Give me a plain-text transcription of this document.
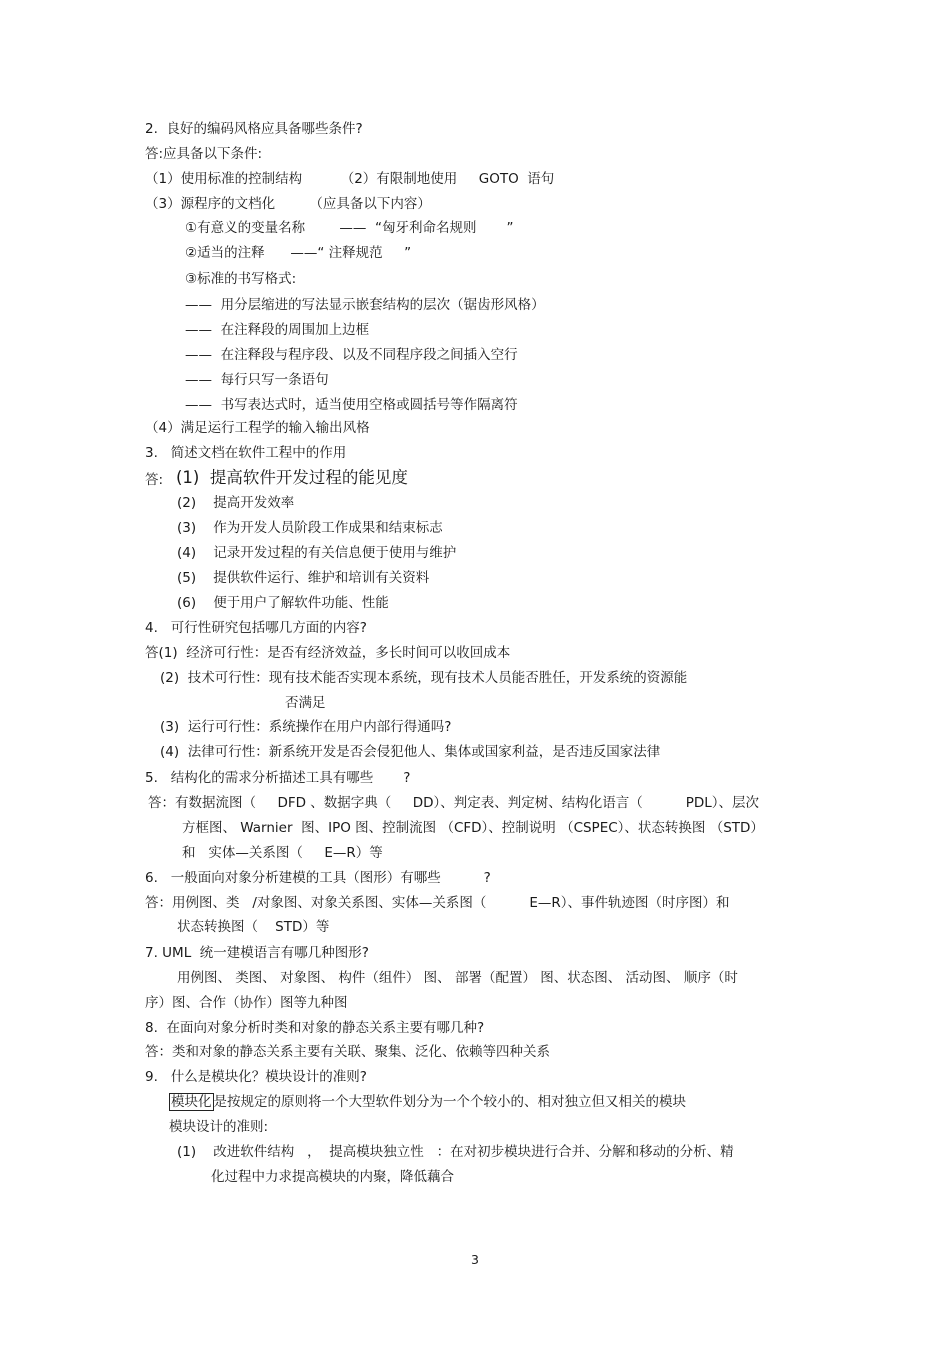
2.  良好的编码风格应具备哪些条件?
答:应具备以下条件:
（1）使用标准的控制结构         （2）有限制地使用     GOTO  语句
（3）源程序的文档化        （应具备以下内容）
①有意义的变量名称        ——  “匈牙利命名规则       ”
②适当的注释      ——“ 注释规范     ”
③标准的书写格式:
——  用分层缩进的写法显示嵌套结构的层次（锯齿形风格）
——  在注释段的周围加上边框
——  在注释段与程序段、以及不同程序段之间插入空行
——  每行只写一条语句
——  书写表达式时，适当使用空格或圆括号等作隔离符
（4）满足运行工程学的输入输出风格
3.   简述文档在软件工程中的作用
答: (1)  提高软件开发过程的能见度
(2)    提高开发效率
(3)    作为开发人员阶段工作成果和结束标志
(4)    记录开发过程的有关信息便于使用与维护
(5)    提供软件运行、维护和培训有关资料
(6)    便于用户了解软件功能、性能
4.   可行性研究包括哪几方面的内容?
答(1)  经济可行性：是否有经济效益，多长时间可以收回成本
(2)  技术可行性：现有技术能否实现本系统，现有技术人员能否胜任，开发系统的资源能
否满足
(3)  运行可行性：系统操作在用户内部行得通吗?
(4)  法律可行性：新系统开发是否会侵犯他人、集体或国家利益，是否违反国家法律
5.   结构化的需求分析描述工具有哪些       ?
答：有数据流图（     DFD 、数据字典（     DD）、判定表、判定树、结构化语言（          PDL）、层次
方框图、 Warnier  图、IPO 图、控制流图 （CFD）、控制说明 （CSPEC）、状态转换图 （STD）
和   实体—关系图（     E—R）等
6.   一般面向对象分析建模的工具（图形）有哪些          ?
答：用例图、类   /对象图、对象关系图、实体—关系图（          E—R）、事件轨迹图（时序图）和
状态转换图（    STD）等
7. UML  统一建模语言有哪几种图形?
用例图、 类图、 对象图、 构件（组件） 图、 部署（配置） 图、状态图、 活动图、 顺序（时
序）图、合作（协作）图等九种图
8.  在面向对象分析时类和对象的静态关系主要有哪几种?
答：类和对象的静态关系主要有关联、聚集、泛化、依赖等四种关系
9.   什么是模块化？模块设计的准则?
模块化 是按规定的原则将一个大型软件划分为一个个较小的、相对独立但又相关的模块
模块设计的准则:
(1)    改进软件结构   ，  提高模块独立性   ：在对初步模块进行合并、分解和移动的分析、精
化过程中力求提高模块的内聚，降低藕合
3
